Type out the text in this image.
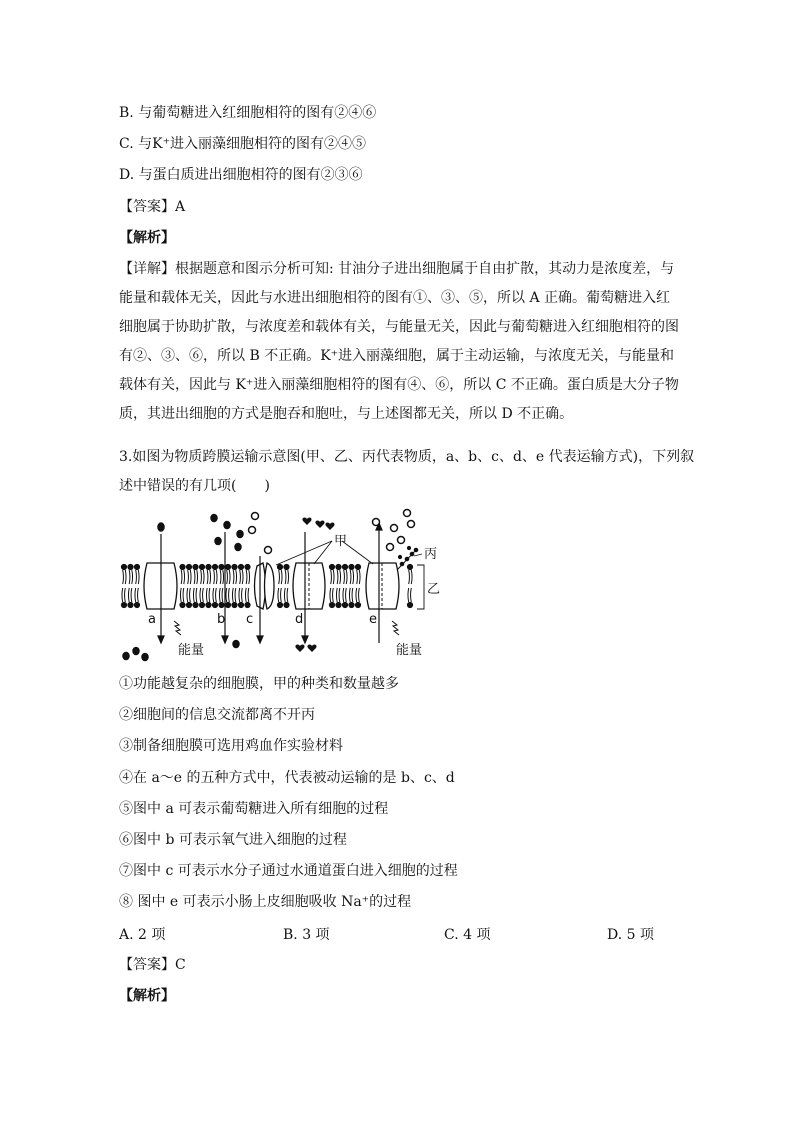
B. 与葡萄糖进入红细胞相符的图有②④⑥
C. 与K⁺进入丽藻细胞相符的图有②④⑤
D. 与蛋白质进出细胞相符的图有②③⑥
【答案】A
【解析】
【详解】根据题意和图示分析可知: 甘油分子进出细胞属于自由扩散，其动力是浓度差，与
能量和载体无关，因此与水进出细胞相符的图有①、③、⑤，所以 A 正确。葡萄糖进入红
细胞属于协助扩散，与浓度差和载体有关，与能量无关，因此与葡萄糖进入红细胞相符的图
有②、③、⑥，所以 B 不正确。K⁺进入丽藻细胞，属于主动运输，与浓度无关，与能量和
载体有关，因此与 K⁺进入丽藻细胞相符的图有④、⑥，所以 C 不正确。蛋白质是大分子物
质，其进出细胞的方式是胞吞和胞吐，与上述图都无关，所以 D 不正确。
3.如图为物质跨膜运输示意图(甲、乙、丙代表物质，a、b、c、d、e 代表运输方式)，下列叙
述中错误的有几项(　　)
甲
丙
乙
a	b c	d	e
能量	能量
①功能越复杂的细胞膜，甲的种类和数量越多
②细胞间的信息交流都离不开丙
③制备细胞膜可选用鸡血作实验材料
④在 a～e 的五种方式中，代表被动运输的是 b、c、d
⑤图中 a 可表示葡萄糖进入所有细胞的过程
⑥图中 b 可表示氧气进入细胞的过程
⑦图中 c 可表示水分子通过水通道蛋白进入细胞的过程
⑧ 图中 e 可表示小肠上皮细胞吸收 Na⁺的过程
A. 2 项	B. 3 项	C. 4 项	D. 5 项
【答案】C
【解析】
